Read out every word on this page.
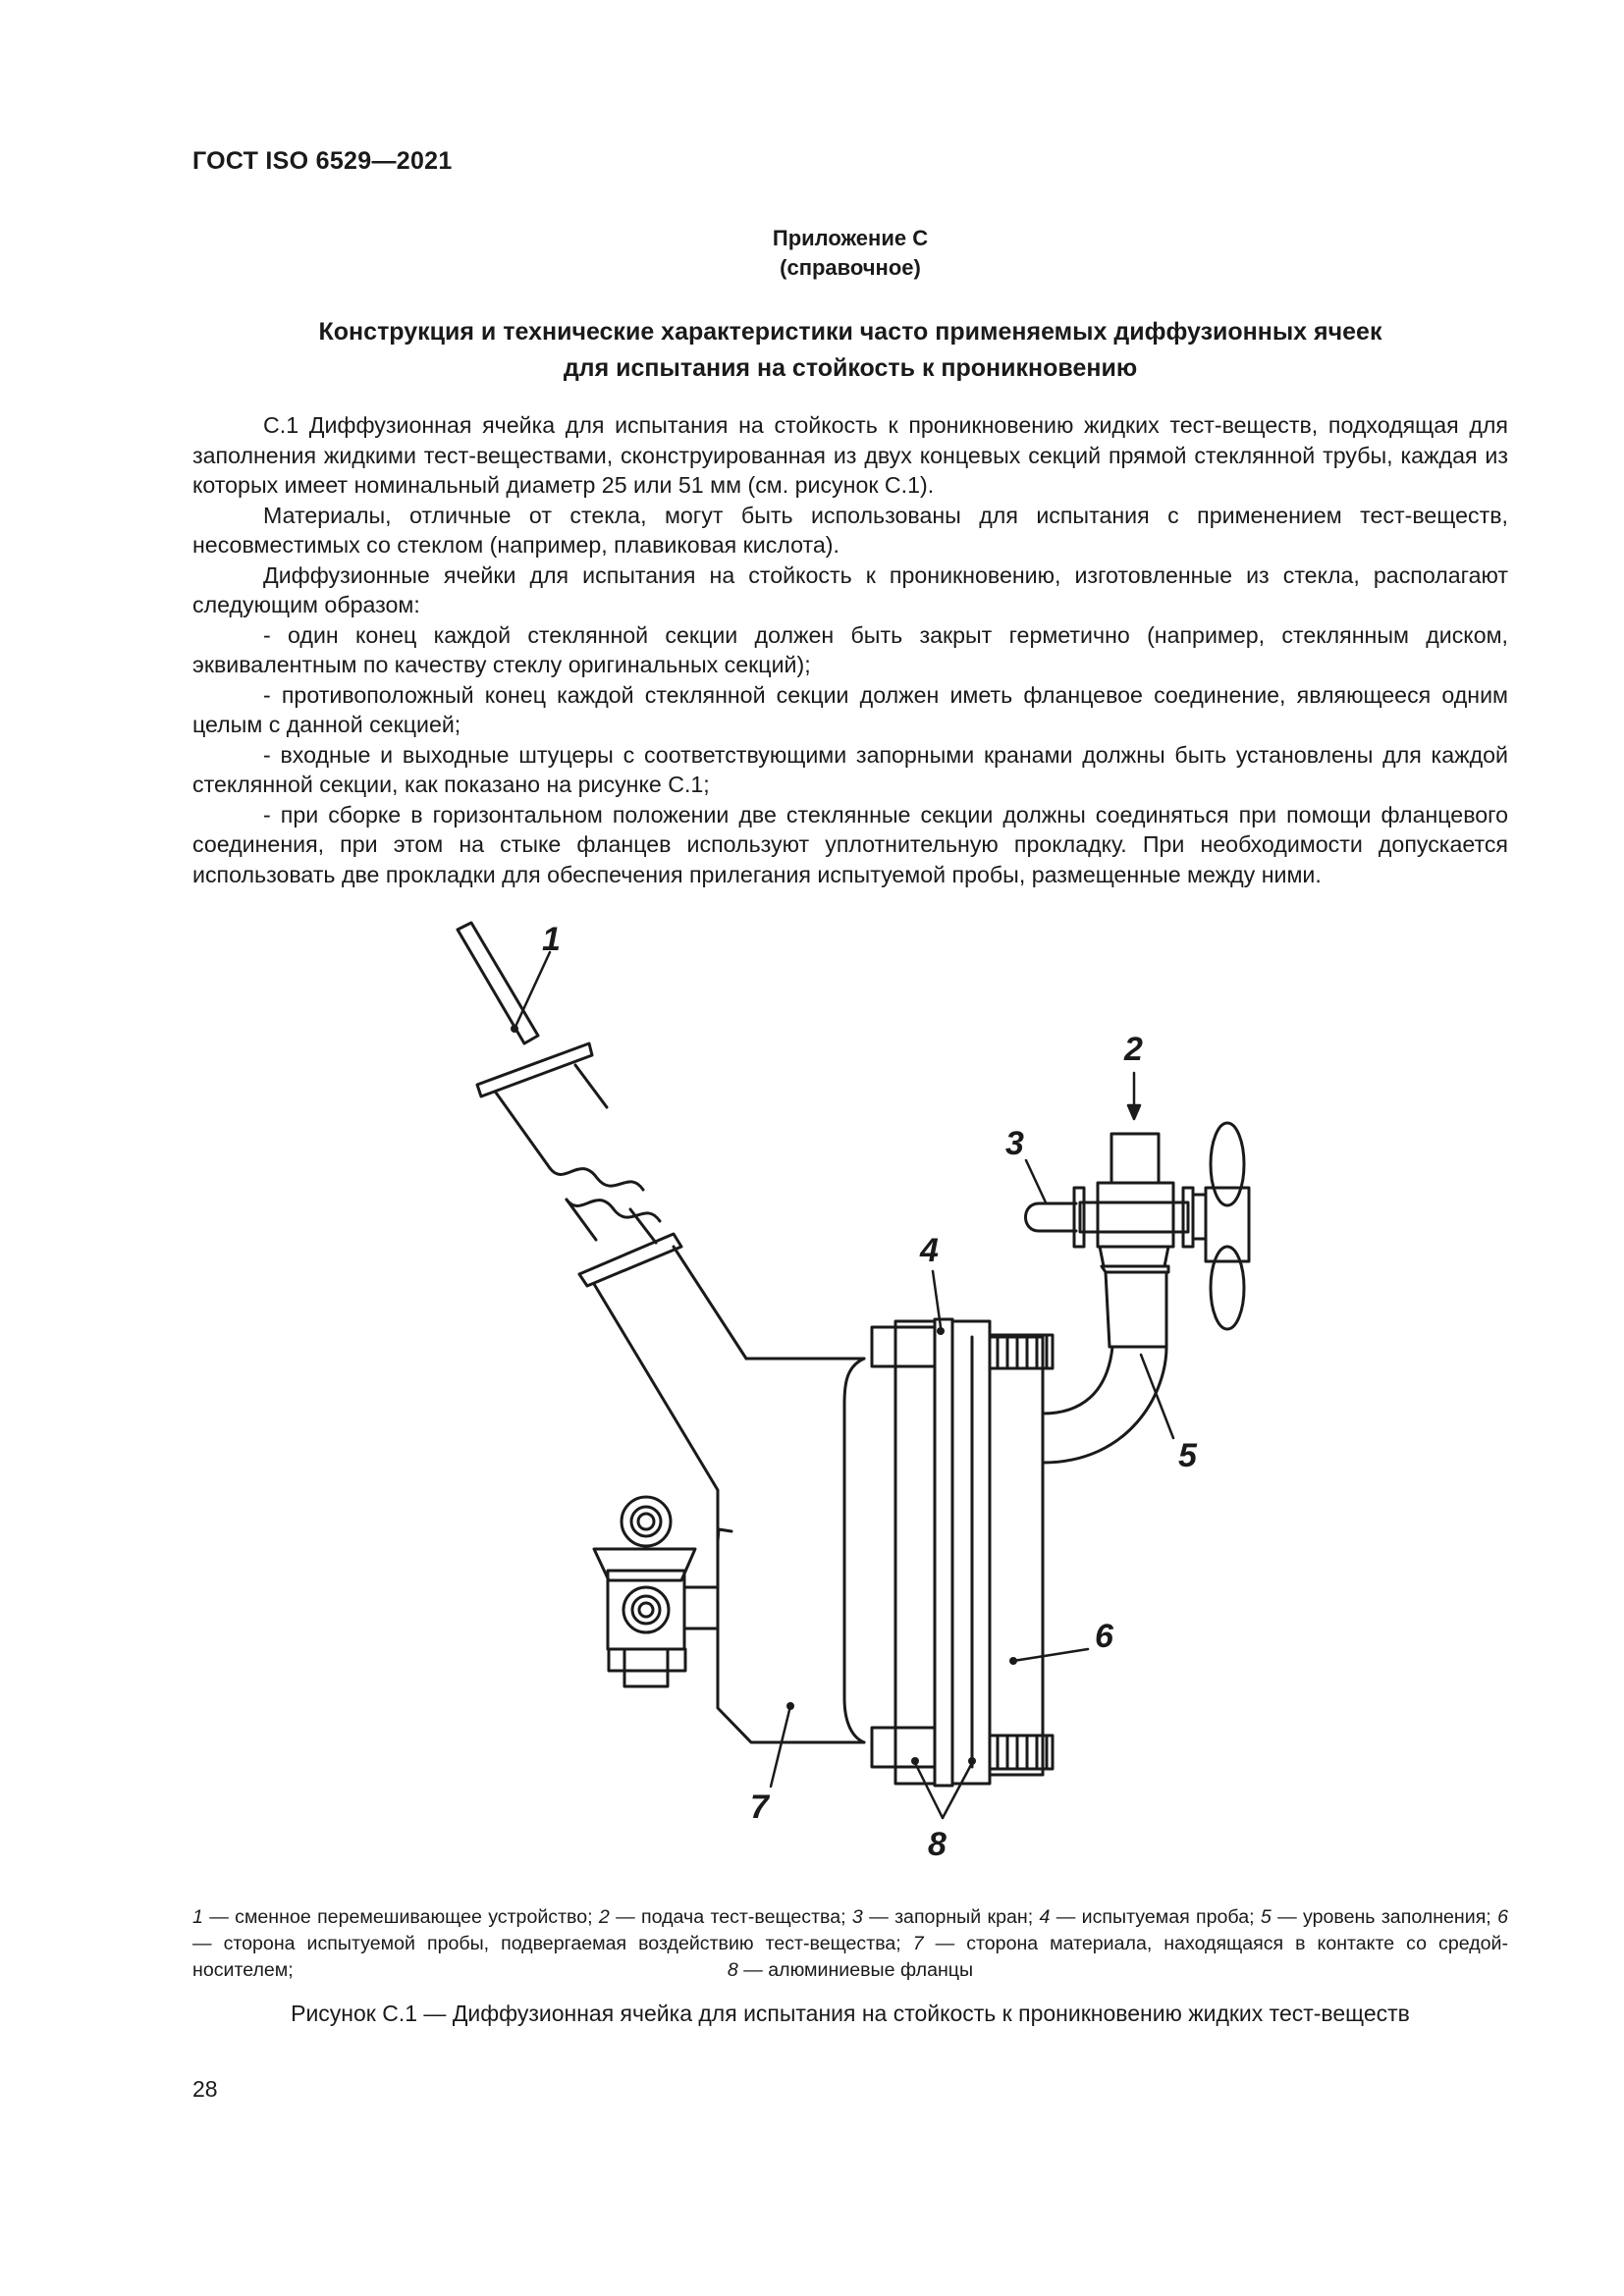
ГОСТ ISO 6529—2021
Приложение С
(справочное)
Конструкция и технические характеристики часто применяемых диффузионных ячеек
для испытания на стойкость к проникновению

С.1 Диффузионная ячейка для испытания на стойкость к проникновению жидких тест-веществ, подходящая для заполнения жидкими тест-веществами, сконструированная из двух концевых секций прямой стеклянной трубы, каждая из которых имеет номинальный диаметр 25 или 51 мм (см. рисунок С.1).

Материалы, отличные от стекла, могут быть использованы для испытания с применением тест-веществ, несовместимых со стеклом (например, плавиковая кислота).

Диффузионные ячейки для испытания на стойкость к проникновению, изготовленные из стекла, располагают следующим образом:

- один конец каждой стеклянной секции должен быть закрыт герметично (например, стеклянным диском, эквивалентным по качеству стеклу оригинальных секций);

- противоположный конец каждой стеклянной секции должен иметь фланцевое соединение, являющееся одним целым с данной секцией;

- входные и выходные штуцеры с соответствующими запорными кранами должны быть установлены для каждой стеклянной секции, как показано на рисунке С.1;

- при сборке в горизонтальном положении две стеклянные секции должны соединяться при помощи фланцевого соединения, при этом на стыке фланцев используют уплотнительную прокладку. При необходимости допускается использовать две прокладки для обеспечения прилегания испытуемой пробы, размещенные между ними.

1
2
3
4
5
6
7
8
1 — сменное перемешивающее устройство; 2 — подача тест-вещества; 3 — запорный кран; 4 — испытуемая проба; 5 — уровень заполнения; 6 — сторона испытуемой пробы, подвергаемая воздействию тест-вещества; 7 — сторона материала, находящаяся в контакте со средой-носителем;	8 — алюминиевые фланцы
Рисунок С.1 — Диффузионная ячейка для испытания на стойкость к проникновению жидких тест-веществ
28
